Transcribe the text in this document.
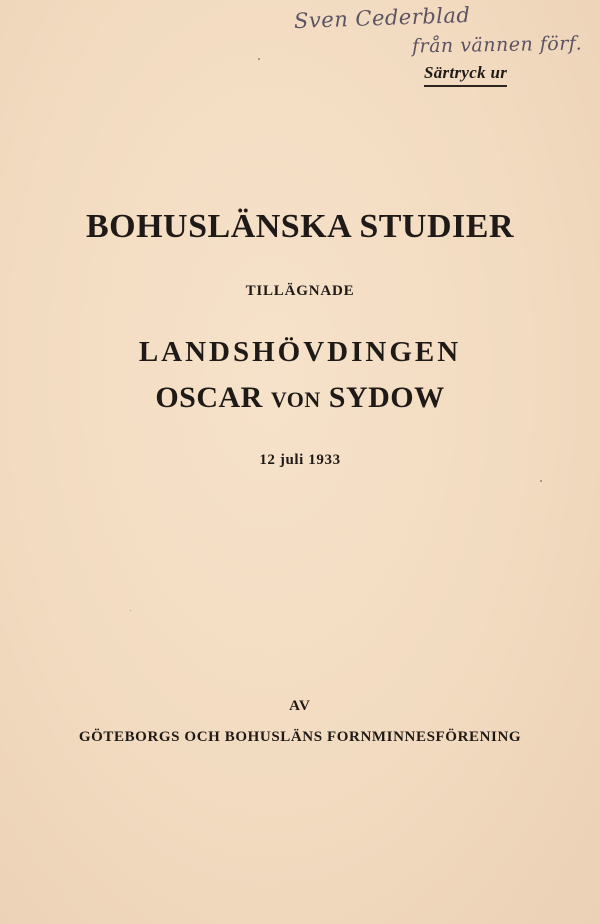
Sven Cederblad
från vännen förf.
Särtryck ur
BOHUSLÄNSKA STUDIER
TILLÄGNADE
LANDSHÖVDINGEN
OSCAR VON SYDOW
12 juli 1933
AV
GÖTEBORGS OCH BOHUSLÄNS FORNMINNESFÖRENING
